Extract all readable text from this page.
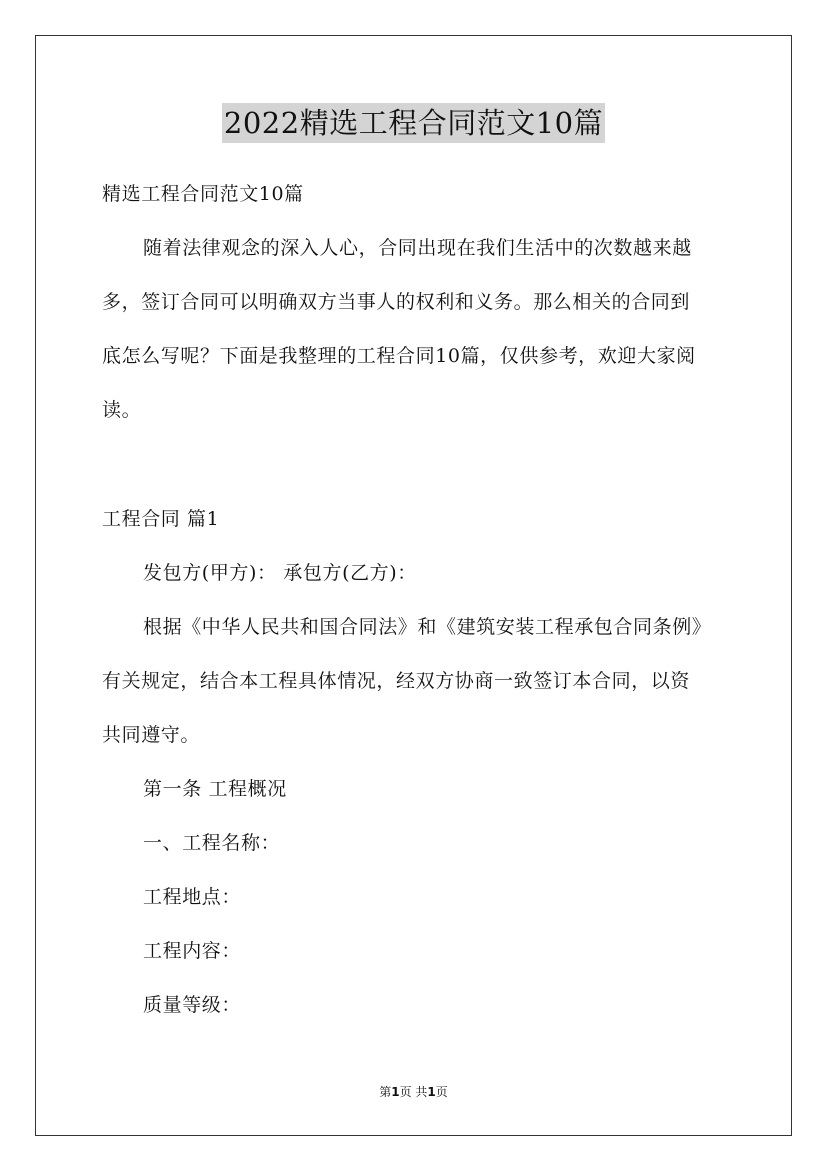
2022精选工程合同范文10篇
精选工程合同范文10篇
随着法律观念的深入人心，合同出现在我们生活中的次数越来越
多，签订合同可以明确双方当事人的权利和义务。那么相关的合同到
底怎么写呢？下面是我整理的工程合同10篇，仅供参考，欢迎大家阅
读。
工程合同 篇1
发包方(甲方)： 承包方(乙方)：
根据《中华人民共和国合同法》和《建筑安装工程承包合同条例》
有关规定，结合本工程具体情况，经双方协商一致签订本合同，以资
共同遵守。
第一条 工程概况
一、工程名称：
工程地点：
工程内容：
质量等级：
第1页 共1页
